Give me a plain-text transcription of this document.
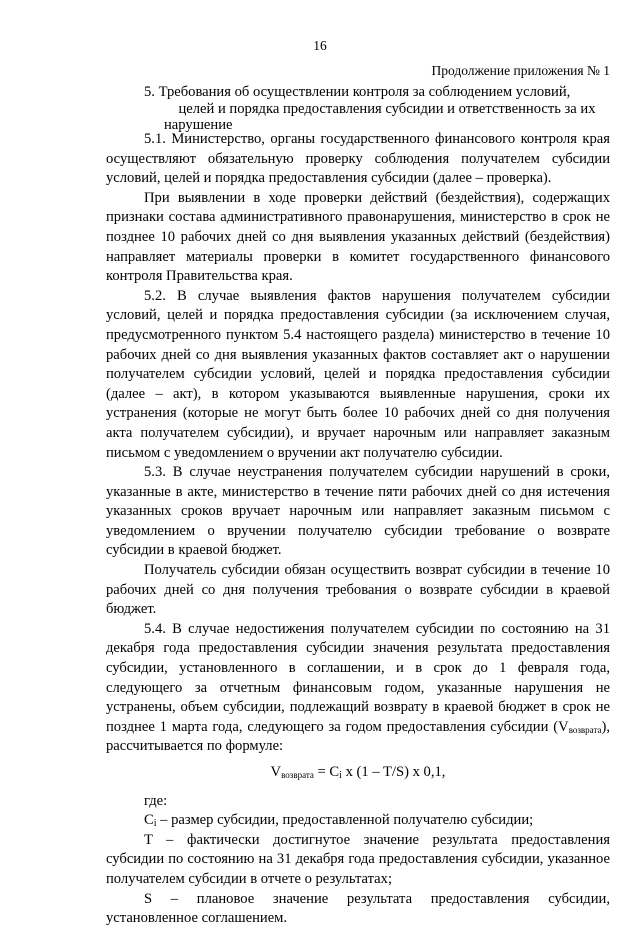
16
Продолжение приложения № 1
5. Требования об осуществлении контроля за соблюдением условий,
целей и порядка предоставления субсидии и ответственность за их
нарушение

5.1. Министерство, органы государственного финансового контроля края осуществляют обязательную проверку соблюдения получателем субсидии условий, целей и порядка предоставления субсидии (далее – проверка).

При выявлении в ходе проверки действий (бездействия), содержащих признаки состава административного правонарушения, министерство в срок не позднее 10 рабочих дней со дня выявления указанных действий (бездействия) направляет материалы проверки в комитет государственного финансового контроля Правительства края.

5.2. В случае выявления фактов нарушения получателем субсидии условий, целей и порядка предоставления субсидии (за исключением случая, предусмотренного пунктом 5.4 настоящего раздела) министерство в течение 10 рабочих дней со дня выявления указанных фактов составляет акт о нарушении получателем субсидии условий, целей и порядка предоставления субсидии (далее – акт), в котором указываются выявленные нарушения, сроки их устранения (которые не могут быть более 10 рабочих дней со дня получения акта получателем субсидии), и вручает нарочным или направляет заказным письмом с уведомлением о вручении акт получателю субсидии.

5.3. В случае неустранения получателем субсидии нарушений в сроки, указанные в акте, министерство в течение пяти рабочих дней со дня истечения указанных сроков вручает нарочным или направляет заказным письмом с уведомлением о вручении получателю субсидии требование о возврате субсидии в краевой бюджет.

Получатель субсидии обязан осуществить возврат субсидии в течение 10 рабочих дней со дня получения требования о возврате субсидии в краевой бюджет.

5.4. В случае недостижения получателем субсидии по состоянию на 31 декабря года предоставления субсидии значения результата предоставления субсидии, установленного в соглашении, и в срок до 1 февраля года, следующего за отчетным финансовым годом, указанные нарушения не устранены, объем субсидии, подлежащий возврату в краевой бюджет в срок не позднее 1 марта года, следующего за годом предоставления субсидии $(V_{возврата})$, рассчитывается по формуле:

$V_{возврата} = C_i$ x (1 – T/S) x 0,1,

где:

$C_i$ – размер субсидии, предоставленной получателю субсидии;

T – фактически достигнутое значение результата предоставления субсидии по состоянию на 31 декабря года предоставления субсидии, указанное получателем субсидии в отчете о результатах;

S – плановое значение результата предоставления субсидии, установленное соглашением.
